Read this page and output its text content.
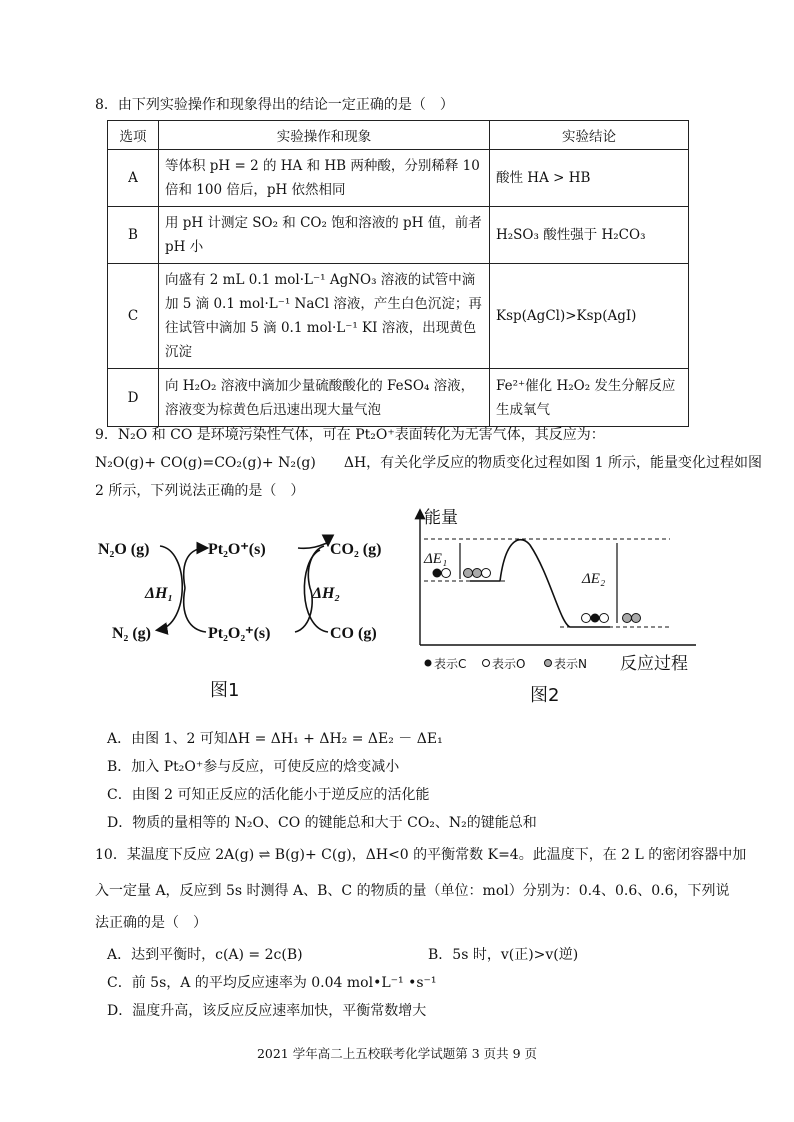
8．由下列实验操作和现象得出的结论一定正确的是（　）
选项	实验操作和现象	实验结论
A	等体积 pH = 2 的 HA 和 HB 两种酸，分别稀释 10 倍和 100 倍后，pH 依然相同	酸性 HA > HB
B	用 pH 计测定 SO₂ 和 CO₂ 饱和溶液的 pH 值，前者 pH 小	H₂SO₃ 酸性强于 H₂CO₃
C	向盛有 2 mL 0.1 mol·L⁻¹ AgNO₃ 溶液的试管中滴加 5 滴 0.1 mol·L⁻¹ NaCl 溶液，产生白色沉淀；再往试管中滴加 5 滴 0.1 mol·L⁻¹ KI 溶液，出现黄色沉淀	Ksp(AgCl)>Ksp(AgI)
D	向 H₂O₂ 溶液中滴加少量硫酸酸化的 FeSO₄ 溶液，溶液变为棕黄色后迅速出现大量气泡	Fe²⁺催化 H₂O₂ 发生分解反应生成氧气
9．N₂O 和 CO 是环境污染性气体，可在 Pt₂O⁺表面转化为无害气体，其反应为：
N₂O(g)+ CO(g)=CO₂(g)+ N₂(g)　　ΔH，有关化学反应的物质变化过程如图 1 所示，能量变化过程如图
2 所示，下列说法正确的是（　）
N₂O (g)	Pt₂O⁺(s)	CO₂ (g)
ΔH₁	ΔH₂
N₂ (g)	Pt₂O₂⁺(s)	CO (g)
图1
能量
ΔE₁
ΔE₂
表示C 表示O 表示N 反应过程
图2
A．由图 1、2 可知ΔH = ΔH₁ + ΔH₂ = ΔE₂ － ΔE₁
B．加入 Pt₂O⁺参与反应，可使反应的焓变减小
C．由图 2 可知正反应的活化能小于逆反应的活化能
D．物质的量相等的 N₂O、CO 的键能总和大于 CO₂、N₂的键能总和
10．某温度下反应 2A(g) ⇌ B(g)+ C(g)，ΔH<0 的平衡常数 K=4。此温度下，在 2 L 的密闭容器中加
入一定量 A，反应到 5s 时测得 A、B、C 的物质的量（单位：mol）分别为：0.4、0.6、0.6，下列说
法正确的是（　）
A．达到平衡时，c(A) = 2c(B)	B．5s 时，v(正)>v(逆)
C．前 5s，A 的平均反应速率为 0.04 mol•L⁻¹ •s⁻¹
D．温度升高，该反应反应速率加快，平衡常数增大
2021 学年高二上五校联考化学试题第 3 页共 9 页
